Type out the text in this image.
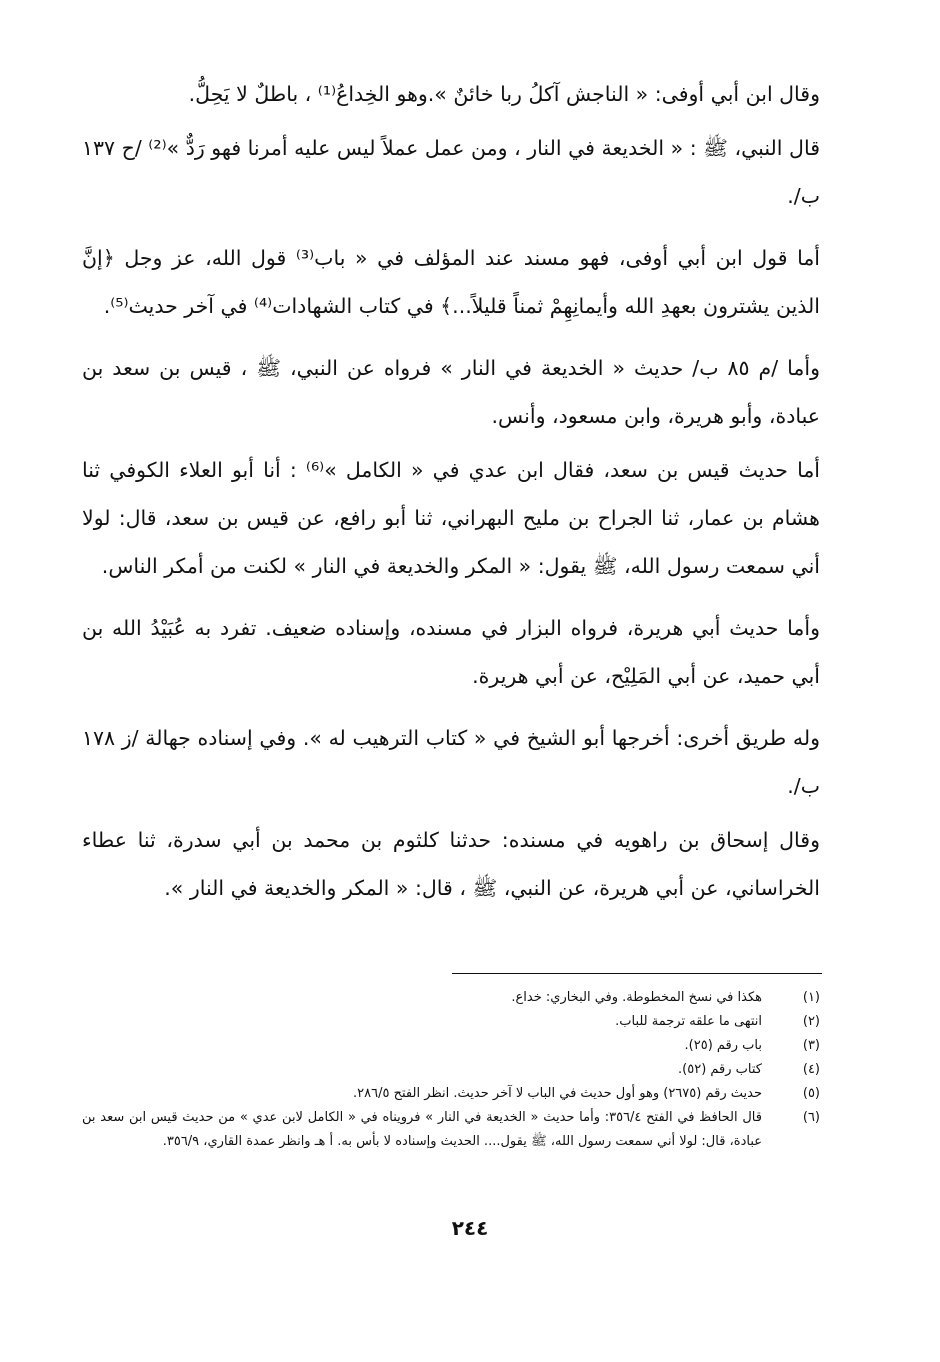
وقال ابن أبي أوفى: « الناجش آكلُ ربا خائنٌ ».وهو الخِداعُ⁽¹⁾ ، باطلٌ لا يَحِلُّ.

قال النبي، ﷺ : « الخديعة في النار ، ومن عمل عملاً ليس عليه أمرنا فهو رَدٌّ »⁽²⁾ /ح ١٣٧ ب/.

أما قول ابن أبي أوفى، فهو مسند عند المؤلف في « باب⁽³⁾ قول الله، عز وجل ﴿إنَّ الذين يشترون بعهدِ الله وأيمانِهِمْ ثمناً قليلاً...﴾ في كتاب الشهادات⁽⁴⁾ في آخر حديث⁽⁵⁾.

وأما /م ٨٥ ب/ حديث « الخديعة في النار » فرواه عن النبي، ﷺ ، قيس بن سعد بن عبادة، وأبو هريرة، وابن مسعود، وأنس.

أما حديث قيس بن سعد، فقال ابن عدي في « الكامل »⁽⁶⁾ : أنا أبو العلاء الكوفي ثنا هشام بن عمار، ثنا الجراح بن مليح البهراني، ثنا أبو رافع، عن قيس بن سعد، قال: لولا أني سمعت رسول الله، ﷺ يقول: « المكر والخديعة في النار » لكنت من أمكر الناس.

وأما حديث أبي هريرة، فرواه البزار في مسنده، وإسناده ضعيف. تفرد به عُبَيْدُ الله بن أبي حميد، عن أبي المَلِيْح، عن أبي هريرة.

وله طريق أخرى: أخرجها أبو الشيخ في « كتاب الترهيب له ». وفي إسناده جهالة /ز ١٧٨ ب/.

وقال إسحاق بن راهويه في مسنده: حدثنا كلثوم بن محمد بن أبي سدرة، ثنا عطاء الخراساني، عن أبي هريرة، عن النبي، ﷺ ، قال: « المكر والخديعة في النار ».

(١)
هكذا في نسخ المخطوطة. وفي البخاري: خداع.
(٢)
انتهى ما علقه ترجمة للباب.
(٣)
باب رقم (٢٥).
(٤)
كتاب رقم (٥٢).
(٥)
حديث رقم (٢٦٧٥) وهو أول حديث في الباب لا آخر حديث. انظر الفتح ٢٨٦/٥.
(٦)
قال الحافظ في الفتح ٣٥٦/٤: وأما حديث « الخديعة في النار » فرويناه في « الكامل لابن عدي » من حديث قيس ابن سعد بن عبادة، قال: لولا أني سمعت رسول الله، ﷺ يقول.... الحديث وإسناده لا بأس به. أ هـ وانظر عمدة القاري، ٣٥٦/٩.
٢٤٤
